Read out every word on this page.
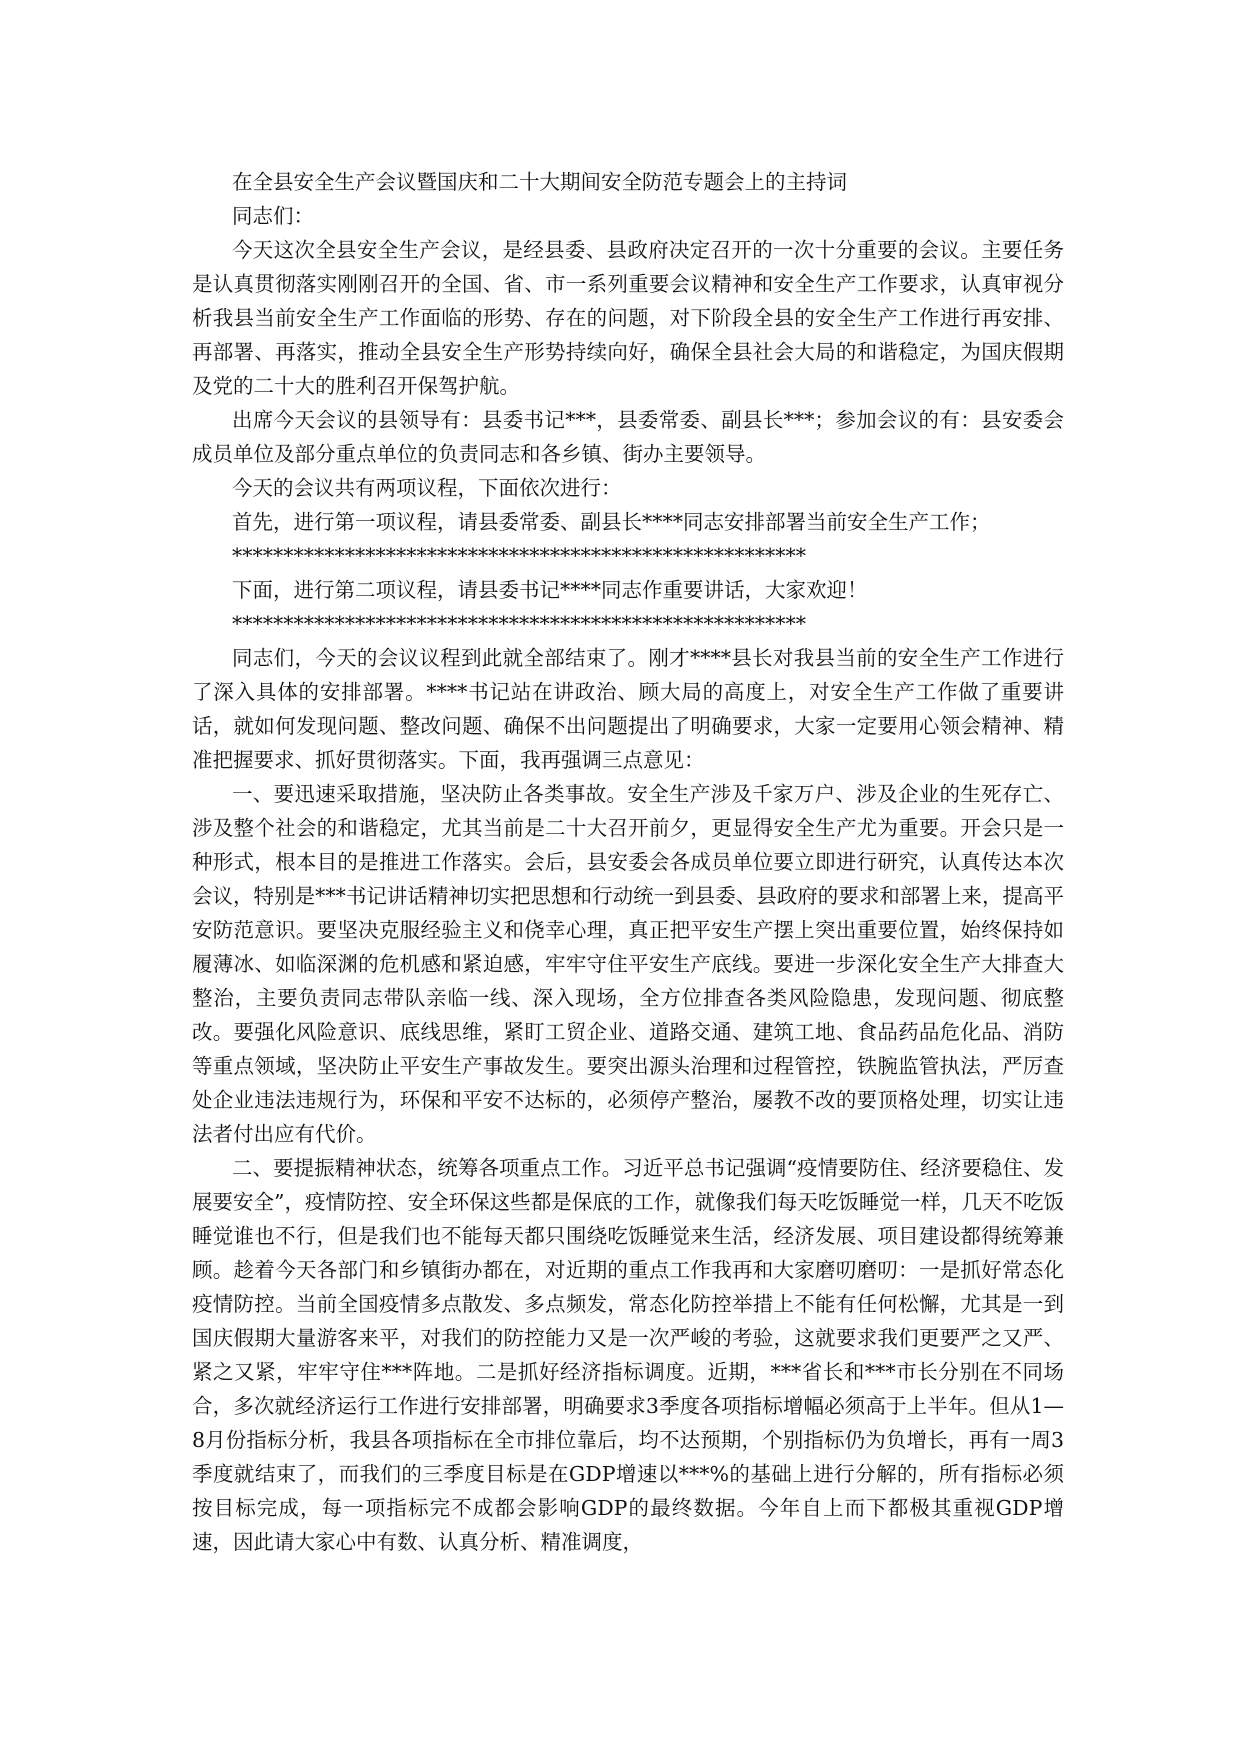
在全县安全生产会议暨国庆和二十大期间安全防范专题会上的主持词

同志们：

今天这次全县安全生产会议，是经县委、县政府决定召开的一次十分重要的会议。主要任务是认真贯彻落实刚刚召开的全国、省、市一系列重要会议精神和安全生产工作要求，认真审视分析我县当前安全生产工作面临的形势、存在的问题，对下阶段全县的安全生产工作进行再安排、再部署、再落实，推动全县安全生产形势持续向好，确保全县社会大局的和谐稳定，为国庆假期及党的二十大的胜利召开保驾护航。

出席今天会议的县领导有：县委书记***，县委常委、副县长***；参加会议的有：县安委会成员单位及部分重点单位的负责同志和各乡镇、街办主要领导。

今天的会议共有两项议程，下面依次进行：

首先，进行第一项议程，请县委常委、副县长****同志安排部署当前安全生产工作；

********************************************************

下面，进行第二项议程，请县委书记****同志作重要讲话，大家欢迎！

********************************************************

同志们，今天的会议议程到此就全部结束了。刚才****县长对我县当前的安全生产工作进行了深入具体的安排部署。****书记站在讲政治、顾大局的高度上，对安全生产工作做了重要讲话，就如何发现问题、整改问题、确保不出问题提出了明确要求，大家一定要用心领会精神、精准把握要求、抓好贯彻落实。下面，我再强调三点意见：

一、要迅速采取措施，坚决防止各类事故。安全生产涉及千家万户、涉及企业的生死存亡、涉及整个社会的和谐稳定，尤其当前是二十大召开前夕，更显得安全生产尤为重要。开会只是一种形式，根本目的是推进工作落实。会后，县安委会各成员单位要立即进行研究，认真传达本次会议，特别是***书记讲话精神切实把思想和行动统一到县委、县政府的要求和部署上来，提高平安防范意识。要坚决克服经验主义和侥幸心理，真正把平安生产摆上突出重要位置，始终保持如履薄冰、如临深渊的危机感和紧迫感，牢牢守住平安生产底线。要进一步深化安全生产大排查大整治，主要负责同志带队亲临一线、深入现场，全方位排查各类风险隐患，发现问题、彻底整改。要强化风险意识、底线思维，紧盯工贸企业、道路交通、建筑工地、食品药品危化品、消防等重点领域，坚决防止平安生产事故发生。要突出源头治理和过程管控，铁腕监管执法，严厉查处企业违法违规行为，环保和平安不达标的，必须停产整治，屡教不改的要顶格处理，切实让违法者付出应有代价。

二、要提振精神状态，统筹各项重点工作。习近平总书记强调“疫情要防住、经济要稳住、发展要安全”，疫情防控、安全环保这些都是保底的工作，就像我们每天吃饭睡觉一样，几天不吃饭睡觉谁也不行，但是我们也不能每天都只围绕吃饭睡觉来生活，经济发展、项目建设都得统筹兼顾。趁着今天各部门和乡镇街办都在，对近期的重点工作我再和大家磨叨磨叨：一是抓好常态化疫情防控。当前全国疫情多点散发、多点频发，常态化防控举措上不能有任何松懈，尤其是一到国庆假期大量游客来平，对我们的防控能力又是一次严峻的考验，这就要求我们更要严之又严、紧之又紧，牢牢守住***阵地。二是抓好经济指标调度。近期，***省长和***市长分别在不同场合，多次就经济运行工作进行安排部署，明确要求3季度各项指标增幅必须高于上半年。但从1—8月份指标分析，我县各项指标在全市排位靠后，均不达预期，个别指标仍为负增长，再有一周3季度就结束了，而我们的三季度目标是在GDP增速以***%的基础上进行分解的，所有指标必须按目标完成，每一项指标完不成都会影响GDP的最终数据。今年自上而下都极其重视GDP增速，因此请大家心中有数、认真分析、精准调度，
